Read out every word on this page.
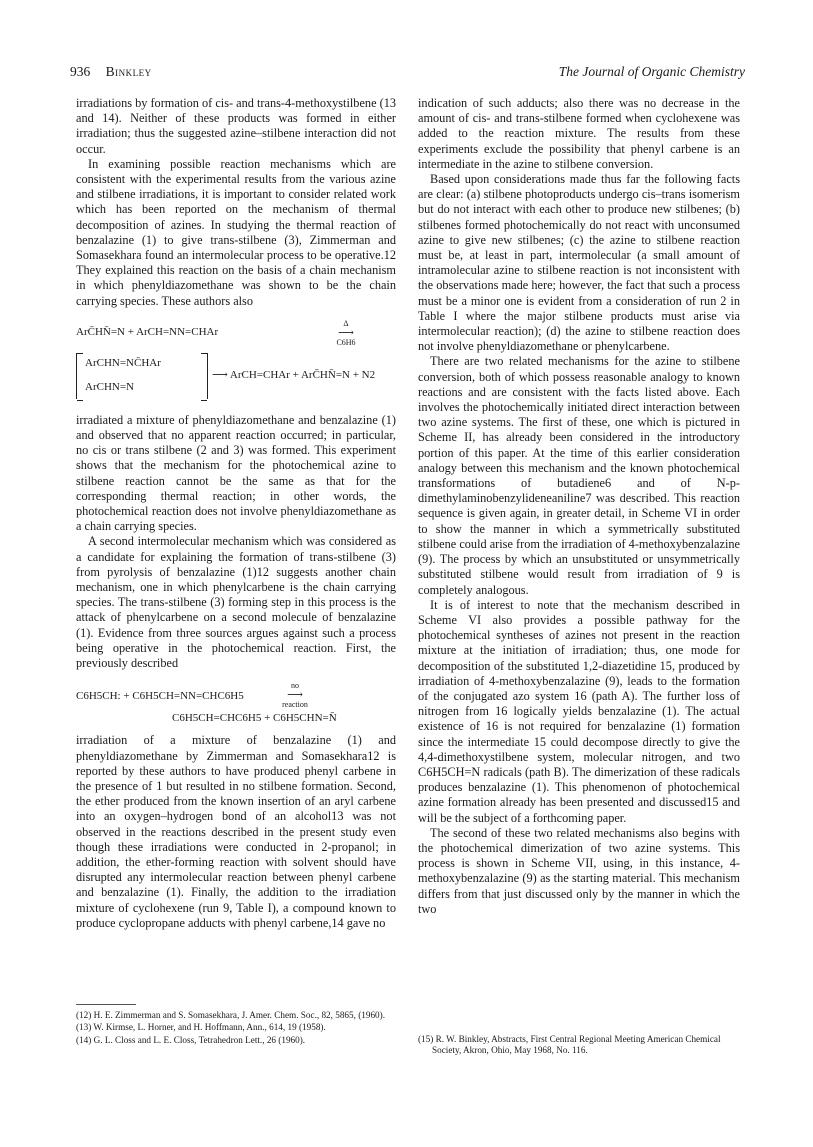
936 Binkley	The Journal of Organic Chemistry

irradiations by formation of cis- and trans-4-methoxystilbene (13 and 14). Neither of these products was formed in either irradiation; thus the suggested azine–stilbene interaction did not occur.

In examining possible reaction mechanisms which are consistent with the experimental results from the various azine and stilbene irradiations, it is important to consider related work which has been reported on the mechanism of thermal decomposition of azines. In studying the thermal reaction of benzalazine (1) to give trans-stilbene (3), Zimmerman and Somasekhara found an intermolecular process to be operative.12 They explained this reaction on the basis of a chain mechanism in which phenyldiazomethane was shown to be the chain carrying species. These authors also

ArC̄HN̄=N + ArCH=NN=CHAr
Δ
⟶
C6H6
ArCHN=NC̄HAr
ArCHN=N
⟶ ArCH=CHAr + ArC̄HN̄=N + N2

irradiated a mixture of phenyldiazomethane and benzalazine (1) and observed that no apparent reaction occurred; in particular, no cis or trans stilbene (2 and 3) was formed. This experiment shows that the mechanism for the photochemical azine to stilbene reaction cannot be the same as that for the corresponding thermal reaction; in other words, the photochemical reaction does not involve phenyldiazomethane as a chain carrying species.

A second intermolecular mechanism which was considered as a candidate for explaining the formation of trans-stilbene (3) from pyrolysis of benzalazine (1)12 suggests another chain mechanism, one in which phenylcarbene is the chain carrying species. The trans-stilbene (3) forming step in this process is the attack of phenylcarbene on a second molecule of benzalazine (1). Evidence from three sources argues against such a process being operative in the photochemical reaction. First, the previously described

C6H5CH: + C6H5CH=NN=CHC6H5
no
⟶
reaction
C6H5CH=CHC6H5 + C6H5CHN=N̄

irradiation of a mixture of benzalazine (1) and phenyldiazomethane by Zimmerman and Somasekhara12 is reported by these authors to have produced phenyl carbene in the presence of 1 but resulted in no stilbene formation. Second, the ether produced from the known insertion of an aryl carbene into an oxygen–hydrogen bond of an alcohol13 was not observed in the reactions described in the present study even though these irradiations were conducted in 2-propanol; in addition, the ether-forming reaction with solvent should have disrupted any intermolecular reaction between phenyl carbene and benzalazine (1). Finally, the addition to the irradiation mixture of cyclohexene (run 9, Table I), a compound known to produce cyclopropane adducts with phenyl carbene,14 gave no

indication of such adducts; also there was no decrease in the amount of cis- and trans-stilbene formed when cyclohexene was added to the reaction mixture. The results from these experiments exclude the possibility that phenyl carbene is an intermediate in the azine to stilbene conversion.

Based upon considerations made thus far the following facts are clear: (a) stilbene photoproducts undergo cis–trans isomerism but do not interact with each other to produce new stilbenes; (b) stilbenes formed photochemically do not react with unconsumed azine to give new stilbenes; (c) the azine to stilbene reaction must be, at least in part, intermolecular (a small amount of intramolecular azine to stilbene reaction is not inconsistent with the observations made here; however, the fact that such a process must be a minor one is evident from a consideration of run 2 in Table I where the major stilbene products must arise via intermolecular reaction); (d) the azine to stilbene reaction does not involve phenyldiazomethane or phenylcarbene.

There are two related mechanisms for the azine to stilbene conversion, both of which possess reasonable analogy to known reactions and are consistent with the facts listed above. Each involves the photochemically initiated direct interaction between two azine systems. The first of these, one which is pictured in Scheme II, has already been considered in the introductory portion of this paper. At the time of this earlier consideration analogy between this mechanism and the known photochemical transformations of butadiene6 and of N-p-dimethylaminobenzylideneaniline7 was described. This reaction sequence is given again, in greater detail, in Scheme VI in order to show the manner in which a symmetrically substituted stilbene could arise from the irradiation of 4-methoxybenzalazine (9). The process by which an unsubstituted or unsymmetrically substituted stilbene would result from irradiation of 9 is completely analogous.

It is of interest to note that the mechanism described in Scheme VI also provides a possible pathway for the photochemical syntheses of azines not present in the reaction mixture at the initiation of irradiation; thus, one mode for decomposition of the substituted 1,2-diazetidine 15, produced by irradiation of 4-methoxybenzalazine (9), leads to the formation of the conjugated azo system 16 (path A). The further loss of nitrogen from 16 logically yields benzalazine (1). The actual existence of 16 is not required for benzalazine (1) formation since the intermediate 15 could decompose directly to give the 4,4-dimethoxystilbene system, molecular nitrogen, and two C6H5CH=N radicals (path B). The dimerization of these radicals produces benzalazine (1). This phenomenon of photochemical azine formation already has been presented and discussed15 and will be the subject of a forthcoming paper.

The second of these two related mechanisms also begins with the photochemical dimerization of two azine systems. This process is shown in Scheme VII, using, in this instance, 4-methoxybenzalazine (9) as the starting material. This mechanism differs from that just discussed only by the manner in which the two

(12) H. E. Zimmerman and S. Somasekhara, J. Amer. Chem. Soc., 82, 5865, (1960).
(13) W. Kirmse, L. Horner, and H. Hoffmann, Ann., 614, 19 (1958).
(14) G. L. Closs and L. E. Closs, Tetrahedron Lett., 26 (1960).	(15) R. W. Binkley, Abstracts, First Central Regional Meeting American Chemical Society, Akron, Ohio, May 1968, No. 116.
